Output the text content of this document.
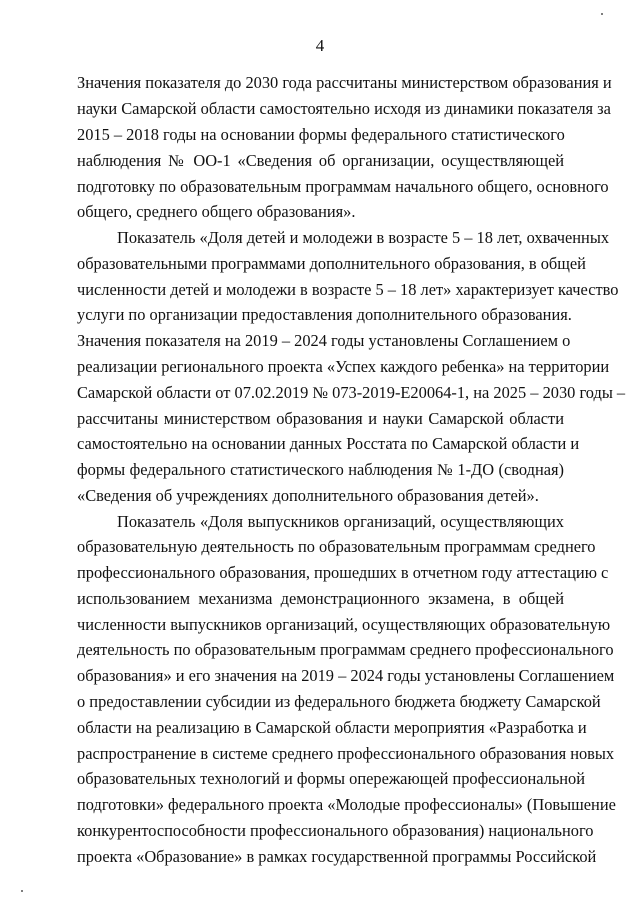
4
Значения показателя до 2030 года рассчитаны министерством образования и
науки Самарской области самостоятельно исходя из динамики показателя за
2015 – 2018 годы на основании формы федерального статистического
наблюдения № ОО-1 «Сведения об организации, осуществляющей
подготовку по образовательным программам начального общего, основного
общего, среднего общего образования».
Показатель «Доля детей и молодежи в возрасте 5 – 18 лет, охваченных
образовательными программами дополнительного образования, в общей
численности детей и молодежи в возрасте 5 – 18 лет» характеризует качество
услуги по организации предоставления дополнительного образования.
Значения показателя на 2019 – 2024 годы установлены Соглашением о
реализации регионального проекта «Успех каждого ребенка» на территории
Самарской области от 07.02.2019 № 073-2019-Е20064-1, на 2025 – 2030 годы –
рассчитаны министерством образования и науки Самарской области
самостоятельно на основании данных Росстата по Самарской области и
формы федерального статистического наблюдения № 1-ДО (сводная)
«Сведения об учреждениях дополнительного образования детей».
Показатель «Доля выпускников организаций, осуществляющих
образовательную деятельность по образовательным программам среднего
профессионального образования, прошедших в отчетном году аттестацию с
использованием механизма демонстрационного экзамена, в общей
численности выпускников организаций, осуществляющих образовательную
деятельность по образовательным программам среднего профессионального
образования» и его значения на 2019 – 2024 годы установлены Соглашением
о предоставлении субсидии из федерального бюджета бюджету Самарской
области на реализацию в Самарской области мероприятия «Разработка и
распространение в системе среднего профессионального образования новых
образовательных технологий и формы опережающей профессиональной
подготовки» федерального проекта «Молодые профессионалы» (Повышение
конкурентоспособности профессионального образования) национального
проекта «Образование» в рамках государственной программы Российской
